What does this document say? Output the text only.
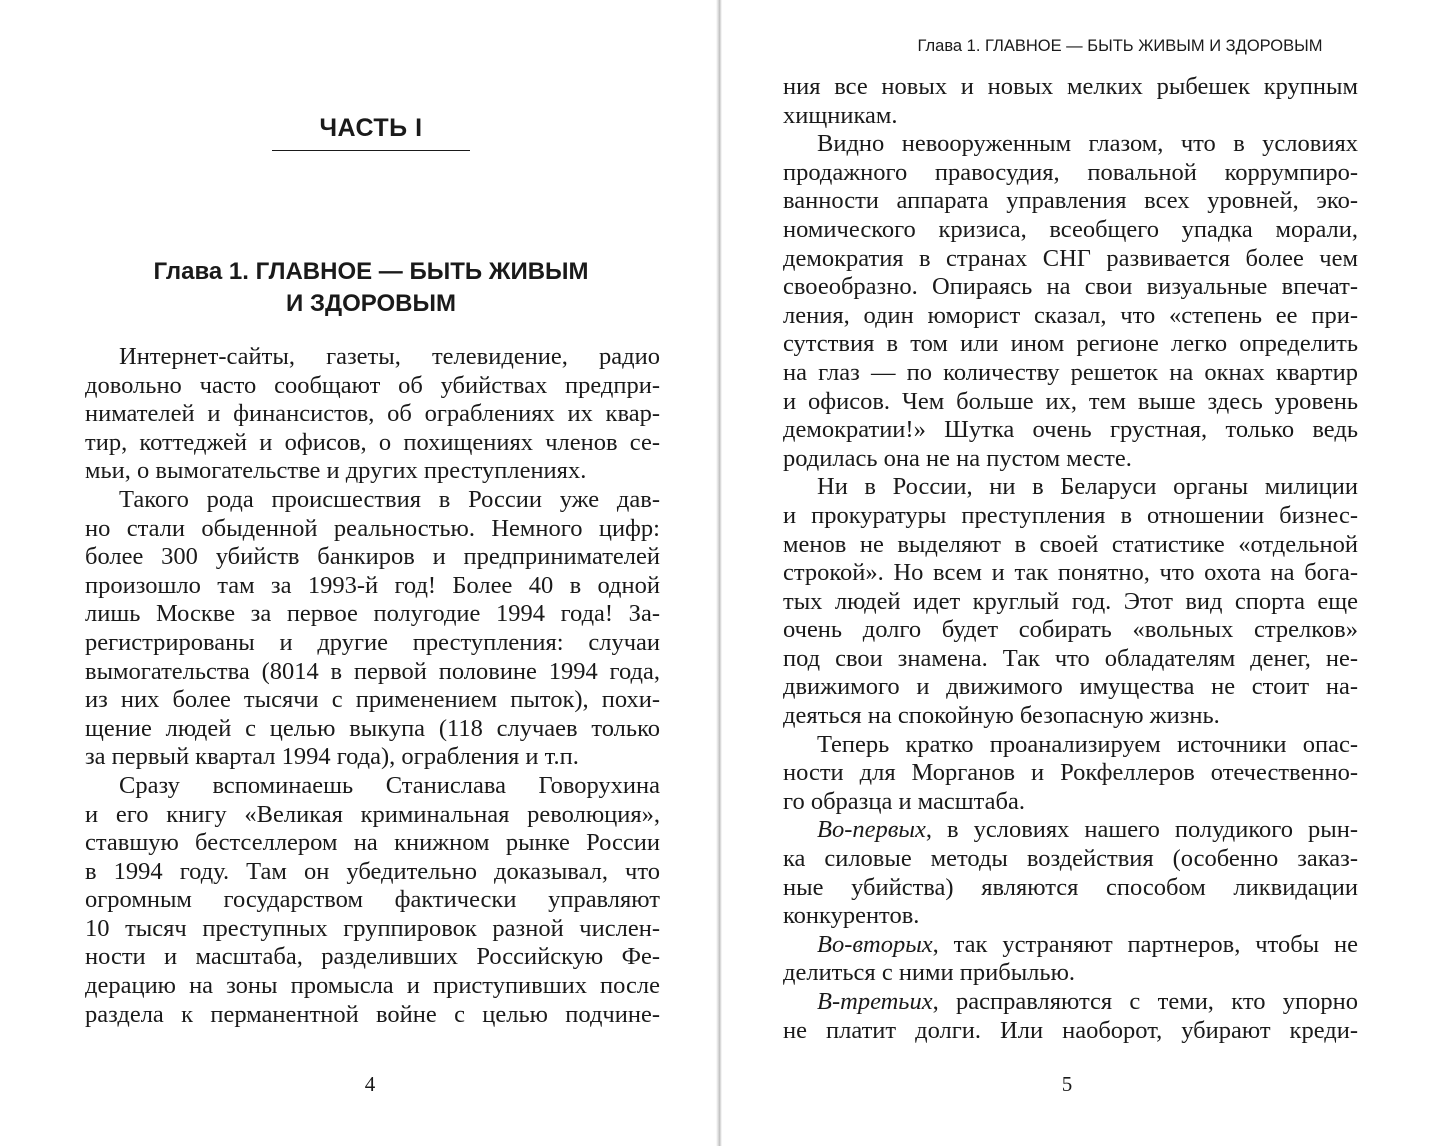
ЧАСТЬ I
Глава 1. ГЛАВНОЕ — БЫТЬ ЖИВЫМ
И ЗДОРОВЫМ
Интернет-сайты, газеты, телевидение, радио
довольно часто сообщают об убийствах предпри-
нимателей и финансистов, об ограблениях их квар-
тир, коттеджей и офисов, о похищениях членов се-
мьи, о вымогательстве и других преступлениях.
Такого рода происшествия в России уже дав-
но стали обыденной реальностью. Немного цифр:
более 300 убийств банкиров и предпринимателей
произошло там за 1993-й год! Более 40 в одной
лишь Москве за первое полугодие 1994 года! За-
регистрированы и другие преступления: случаи
вымогательства (8014 в первой половине 1994 года,
из них более тысячи с применением пыток), похи-
щение людей с целью выкупа (118 случаев только
за первый квартал 1994 года), ограбления и т.п.
Сразу вспоминаешь Станислава Говорухина
и его книгу «Великая криминальная революция»,
ставшую бестселлером на книжном рынке России
в 1994 году. Там он убедительно доказывал, что
огромным государством фактически управляют
10 тысяч преступных группировок разной числен-
ности и масштаба, разделивших Российскую Фе-
дерацию на зоны промысла и приступивших после
раздела к перманентной войне с целью подчине-
4
Глава 1. ГЛАВНОЕ — БЫТЬ ЖИВЫМ И ЗДОРОВЫМ
ния все новых и новых мелких рыбешек крупным
хищникам.
Видно невооруженным глазом, что в условиях
продажного правосудия, повальной коррумпиро-
ванности аппарата управления всех уровней, эко-
номического кризиса, всеобщего упадка морали,
демократия в странах СНГ развивается более чем
своеобразно. Опираясь на свои визуальные впечат-
ления, один юморист сказал, что «степень ее при-
сутствия в том или ином регионе легко определить
на глаз — по количеству решеток на окнах квартир
и офисов. Чем больше их, тем выше здесь уровень
демократии!» Шутка очень грустная, только ведь
родилась она не на пустом месте.
Ни в России, ни в Беларуси органы милиции
и прокуратуры преступления в отношении бизнес-
менов не выделяют в своей статистике «отдельной
строкой». Но всем и так понятно, что охота на бога-
тых людей идет круглый год. Этот вид спорта еще
очень долго будет собирать «вольных стрелков»
под свои знамена. Так что обладателям денег, не-
движимого и движимого имущества не стоит на-
деяться на спокойную безопасную жизнь.
Теперь кратко проанализируем источники опас-
ности для Морганов и Рокфеллеров отечественно-
го образца и масштаба.
Во-первых, в условиях нашего полудикого рын-
ка силовые методы воздействия (особенно заказ-
ные убийства) являются способом ликвидации
конкурентов.
Во-вторых, так устраняют партнеров, чтобы не
делиться с ними прибылью.
В-третьих, расправляются с теми, кто упорно
не платит долги. Или наоборот, убирают креди-
5
